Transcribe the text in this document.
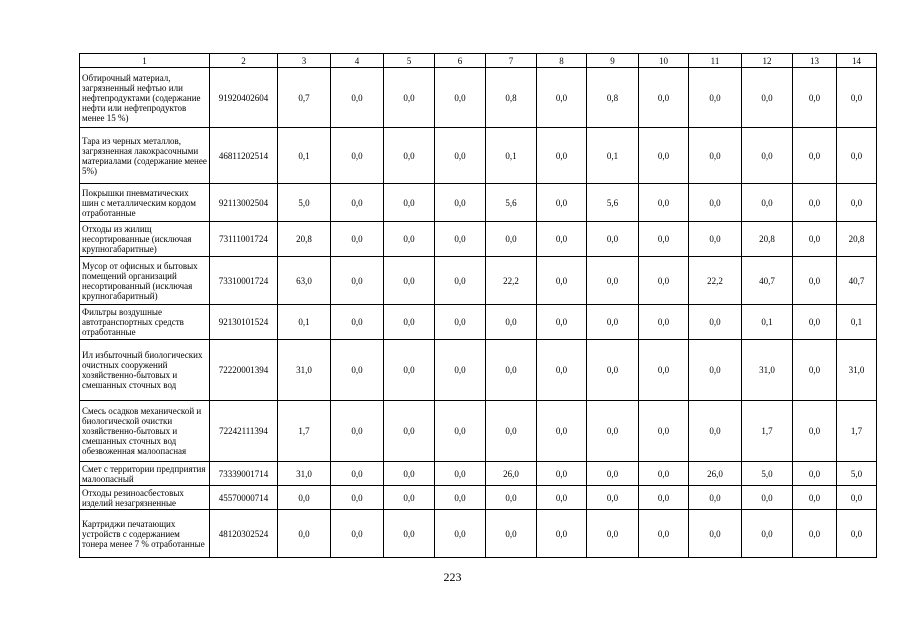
1	2	3	4	5	6	7	8	9	10	11	12	13	14
Обтирочный материал, загрязненный нефтью или нефтепродуктами (содержание нефти или нефтепродуктов менее 15 %)	91920402604	0,7	0,0	0,0	0,0	0,8	0,0	0,8	0,0	0,0	0,0	0,0	0,0
Тара из черных металлов, загрязненная лакокрасочными материалами (содержание менее 5%)	46811202514	0,1	0,0	0,0	0,0	0,1	0,0	0,1	0,0	0,0	0,0	0,0	0,0
Покрышки пневматических шин с металлическим кордом отработанные	92113002504	5,0	0,0	0,0	0,0	5,6	0,0	5,6	0,0	0,0	0,0	0,0	0,0
Отходы из жилищ несортированные (исключая крупногабаритные)	73111001724	20,8	0,0	0,0	0,0	0,0	0,0	0,0	0,0	0,0	20,8	0,0	20,8
Мусор от офисных и бытовых помещений организаций несортированный (исключая крупногабаритный)	73310001724	63,0	0,0	0,0	0,0	22,2	0,0	0,0	0,0	22,2	40,7	0,0	40,7
Фильтры воздушные автотранспортных средств отработанные	92130101524	0,1	0,0	0,0	0,0	0,0	0,0	0,0	0,0	0,0	0,1	0,0	0,1
Ил избыточный биологических очистных сооружений хозяйственно-бытовых и смешанных сточных вод	72220001394	31,0	0,0	0,0	0,0	0,0	0,0	0,0	0,0	0,0	31,0	0,0	31,0
Смесь осадков механической и биологической очистки хозяйственно-бытовых и смешанных сточных вод обезвоженная малоопасная	72242111394	1,7	0,0	0,0	0,0	0,0	0,0	0,0	0,0	0,0	1,7	0,0	1,7
Смет с территории предприятия малоопасный	73339001714	31,0	0,0	0,0	0,0	26,0	0,0	0,0	0,0	26,0	5,0	0,0	5,0
Отходы резиноасбестовых изделий незагрязненные	45570000714	0,0	0,0	0,0	0,0	0,0	0,0	0,0	0,0	0,0	0,0	0,0	0,0
Картриджи печатающих устройств с содержанием тонера менее 7 % отработанные	48120302524	0,0	0,0	0,0	0,0	0,0	0,0	0,0	0,0	0,0	0,0	0,0	0,0
223
